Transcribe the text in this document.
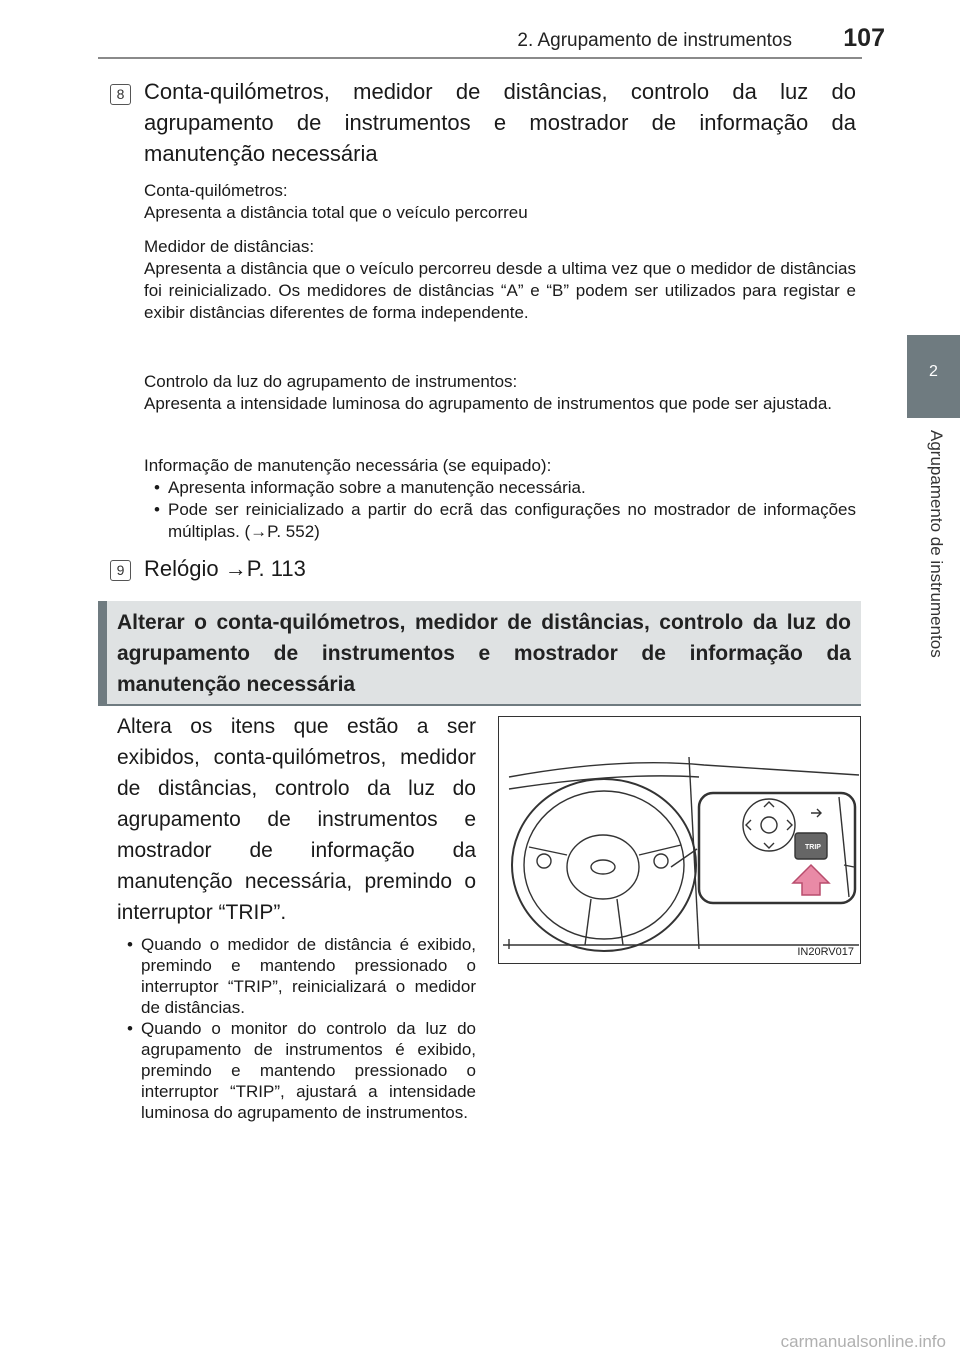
2. Agrupamento de instrumentos 107
2
Agrupamento de instrumentos
8 Conta-quilómetros, medidor de distâncias, controlo da luz do agrupamento de instrumentos e mostrador de informação da manutenção necessária

Conta-quilómetros:

Apresenta a distância total que o veículo percorreu

Medidor de distâncias:

Apresenta a distância que o veículo percorreu desde a ultima vez que o medidor de distâncias foi reinicializado. Os medidores de distâncias “A” e “B” podem ser utilizados para registar e exibir distâncias diferentes de forma independente.

Controlo da luz do agrupamento de instrumentos:

Apresenta a intensidade luminosa do agrupamento de instrumentos que pode ser ajustada.

Informação de manutenção necessária (se equipado):

• Apresenta informação sobre a manutenção necessária.
• Pode ser reinicializado a partir do ecrã das configurações no mostrador de informações múltiplas. (→P. 552)
9 Relógio →P. 113
Alterar o conta-quilómetros, medidor de distâncias, controlo da luz do agrupamento de instrumentos e mostrador de informação da manutenção necessária

Altera os itens que estão a ser exibidos, conta-quilómetros, medidor de distâncias, controlo da luz do agrupamento de instrumentos e mostrador de informação da manutenção necessária, premindo o interruptor “TRIP”.

• Quando o medidor de distância é exibido, premindo e mantendo pressionado o interruptor “TRIP”, reinicializará o medidor de distâncias.
• Quando o monitor do controlo da luz do agrupamento de instrumentos é exibido, premindo e mantendo pressionado o interruptor “TRIP”, ajustará a intensidade luminosa do agrupamento de instrumentos.
TRIP
IN20RV017
carmanualsonline.info
